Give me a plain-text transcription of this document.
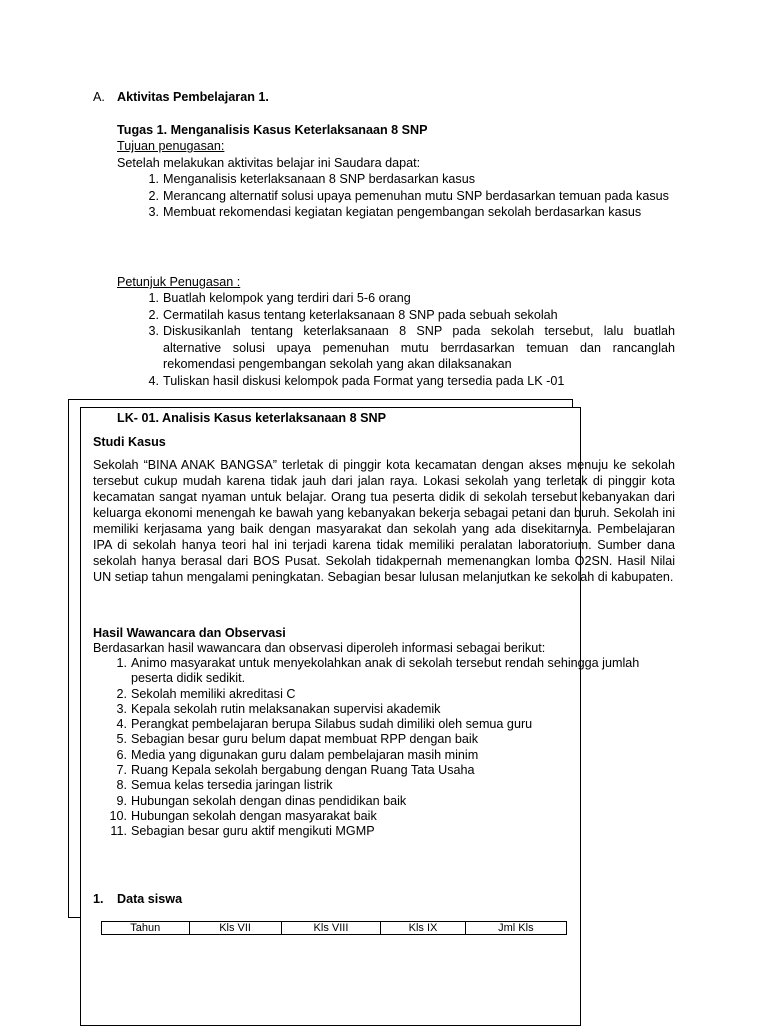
A. Aktivitas Pembelajaran 1.
Tugas 1. Menganalisis Kasus Keterlaksanaan 8 SNP
Tujuan penugasan:
Setelah melakukan aktivitas belajar ini Saudara dapat:
1. Menganalisis keterlaksanaan 8 SNP berdasarkan kasus
2. Merancang alternatif solusi upaya pemenuhan mutu SNP berdasarkan temuan pada kasus
3. Membuat rekomendasi kegiatan kegiatan pengembangan sekolah berdasarkan kasus
Petunjuk Penugasan :
1. Buatlah kelompok yang terdiri dari 5-6 orang
2. Cermatilah kasus tentang keterlaksanaan 8 SNP pada sebuah sekolah
3. Diskusikanlah tentang keterlaksanaan 8 SNP pada sekolah tersebut, lalu buatlah alternative solusi upaya pemenuhan mutu berrdasarkan temuan dan rancanglah rekomendasi pengembangan sekolah yang akan dilaksanakan
4. Tuliskan hasil diskusi kelompok pada Format yang tersedia pada LK -01
LK- 01. Analisis Kasus keterlaksanaan 8 SNP
Studi Kasus
Sekolah “BINA ANAK BANGSA” terletak di pinggir kota kecamatan dengan akses menuju ke sekolah tersebut cukup mudah karena tidak jauh dari jalan raya. Lokasi sekolah yang terletak di pinggir kota kecamatan sangat nyaman untuk belajar. Orang tua peserta didik di sekolah tersebut kebanyakan dari keluarga ekonomi menengah ke bawah yang kebanyakan bekerja sebagai petani dan buruh. Sekolah ini memiliki kerjasama yang baik dengan masyarakat dan sekolah yang ada disekitarnya. Pembelajaran IPA di sekolah hanya teori hal ini terjadi karena tidak memiliki peralatan laboratorium. Sumber dana sekolah hanya berasal dari BOS Pusat. Sekolah tidakpernah memenangkan lomba O2SN. Hasil Nilai UN setiap tahun mengalami peningkatan. Sebagian besar lulusan melanjutkan ke sekolah di kabupaten.
Hasil Wawancara dan Observasi
Berdasarkan hasil wawancara dan observasi diperoleh informasi sebagai berikut:
1. Animo masyarakat untuk menyekolahkan anak di sekolah tersebut rendah sehingga jumlah peserta didik sedikit.
2. Sekolah memiliki akreditasi C
3. Kepala sekolah rutin melaksanakan supervisi akademik
4. Perangkat pembelajaran berupa Silabus sudah dimiliki oleh semua guru
5. Sebagian besar guru belum dapat membuat RPP dengan baik
6. Media yang digunakan guru dalam pembelajaran masih minim
7. Ruang Kepala sekolah bergabung dengan Ruang Tata Usaha
8. Semua kelas tersedia jaringan listrik
9. Hubungan sekolah dengan dinas pendidikan baik
10. Hubungan sekolah dengan masyarakat baik
11. Sebagian besar guru aktif mengikuti MGMP
1. Data siswa
Tahun	Kls VII	Kls VIII	Kls IX	Jml Kls
